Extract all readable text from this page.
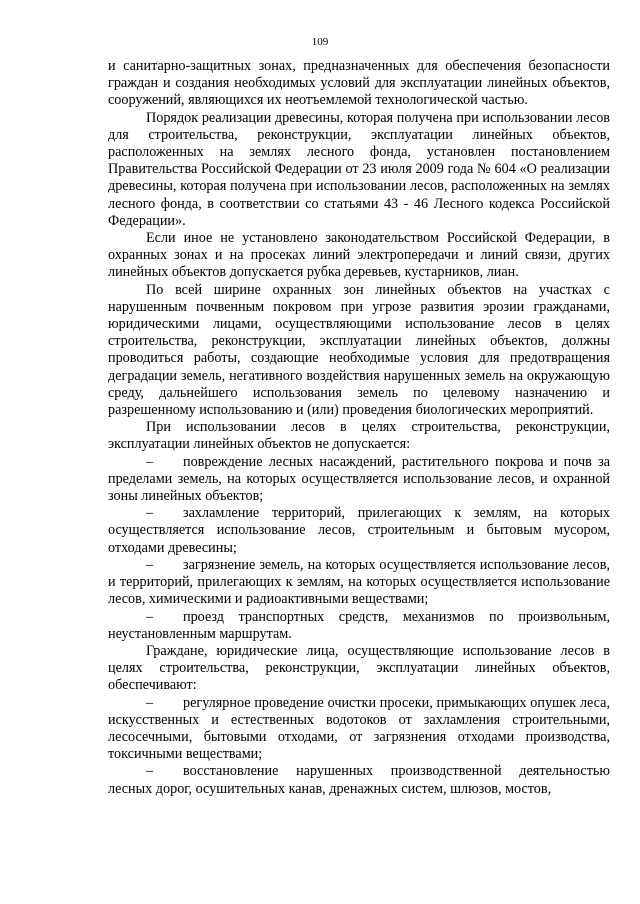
109

и санитарно-защитных зонах, предназначенных для обеспечения безопасности граждан и создания необходимых условий для эксплуатации линейных объектов, сооружений, являющихся их неотъемлемой технологической частью.

Порядок реализации древесины, которая получена при использовании лесов для строительства, реконструкции, эксплуатации линейных объектов, расположенных на землях лесного фонда, установлен постановлением Правительства Российской Федерации от 23 июля 2009 года № 604 «О реализации древесины, которая получена при использовании лесов, расположенных на землях лесного фонда, в соответствии со статьями 43 - 46 Лесного кодекса Российской Федерации».

Если иное не установлено законодательством Российской Федерации, в охранных зонах и на просеках линий электропередачи и линий связи, других линейных объектов допускается рубка деревьев, кустарников, лиан.

По всей ширине охранных зон линейных объектов на участках с нарушенным почвенным покровом при угрозе развития эрозии гражданами, юридическими лицами, осуществляющими использование лесов в целях строительства, реконструкции, эксплуатации линейных объектов, должны проводиться работы, создающие необходимые условия для предотвращения деградации земель, негативного воздействия нарушенных земель на окружающую среду, дальнейшего использования земель по целевому назначению и разрешенному использованию и (или) проведения биологических мероприятий.

При использовании лесов в целях строительства, реконструкции, эксплуатации линейных объектов не допускается:

– повреждение лесных насаждений, растительного покрова и почв за пределами земель, на которых осуществляется использование лесов, и охранной зоны линейных объектов;

– захламление территорий, прилегающих к землям, на которых осуществляется использование лесов, строительным и бытовым мусором, отходами древесины;

– загрязнение земель, на которых осуществляется использование лесов, и территорий, прилегающих к землям, на которых осуществляется использование лесов, химическими и радиоактивными веществами;

– проезд транспортных средств, механизмов по произвольным, неустановленным маршрутам.

Граждане, юридические лица, осуществляющие использование лесов в целях строительства, реконструкции, эксплуатации линейных объектов, обеспечивают:

– регулярное проведение очистки просеки, примыкающих опушек леса, искусственных и естественных водотоков от захламления строительными, лесосечными, бытовыми отходами, от загрязнения отходами производства, токсичными веществами;

– восстановление нарушенных производственной деятельностью лесных дорог, осушительных канав, дренажных систем, шлюзов, мостов,
